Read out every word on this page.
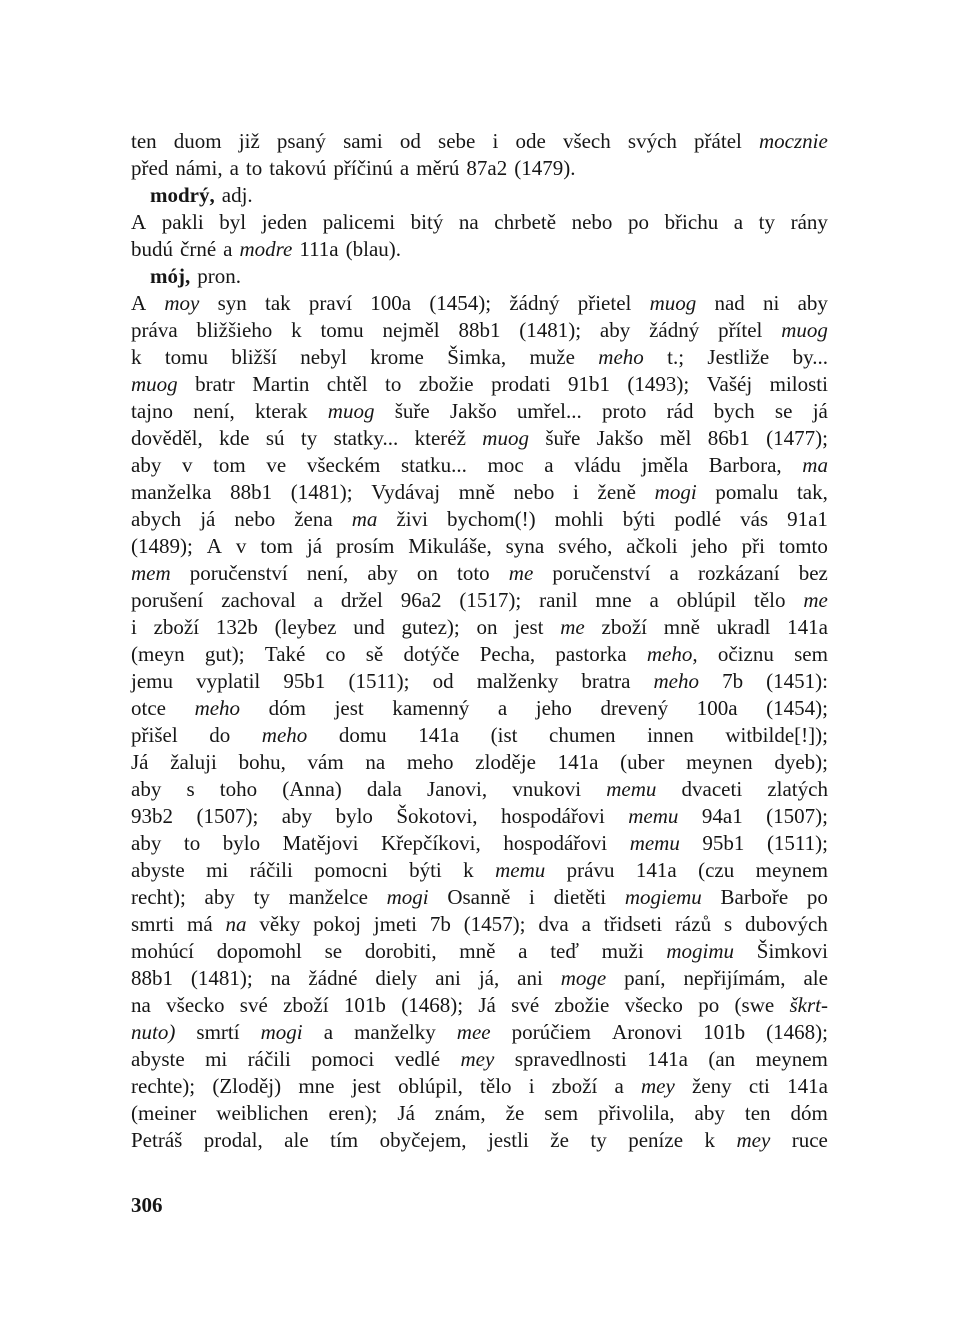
ten duom již psaný sami od sebe i ode všech svých přátel mocznie
před námi, a to takovú příčinú a měrú 87a2 (1479).
modrý, adj.
A pakli byl jeden palicemi bitý na chrbetě nebo po břichu a ty rány
budú črné a modre 111a (blau).
mój, pron.
A moy syn tak praví 100a (1454); žádný přietel muog nad ni aby
práva bližšieho k tomu nejměl 88b1 (1481); aby žádný přítel muog
k tomu bližší nebyl krome Šimka, muže meho t.; Jestliže by...
muog bratr Martin chtěl to zbožie prodati 91b1 (1493); Vašéj milosti
tajno není, kterak muog šuře Jakšo umřel... proto rád bych se já
dověděl, kde sú ty statky... kteréž muog šuře Jakšo měl 86b1 (1477);
aby v tom ve všeckém statku... moc a vládu jměla Barbora, ma
manželka 88b1 (1481); Vydávaj mně nebo i ženě mogi pomalu tak,
abych já nebo žena ma živi bychom(!) mohli býti podlé vás 91a1
(1489); A v tom já prosím Mikuláše, syna svého, ačkoli jeho při tomto
mem poručenství není, aby on toto me poručenství a rozkázaní bez
porušení zachoval a držel 96a2 (1517); ranil mne a oblúpil tělo me
i zboží 132b (leybez und gutez); on jest me zboží mně ukradl 141a
(meyn gut); Také co sě dotýče Pecha, pastorka meho, očiznu sem
jemu vyplatil 95b1 (1511); od malženky bratra meho 7b (1451):
otce meho dóm jest kamenný a jeho drevený 100a (1454);
přišel do meho domu 141a (ist chumen innen witbilde[!]);
Já žaluji bohu, vám na meho zloděje 141a (uber meynen dyeb);
aby s toho (Anna) dala Janovi, vnukovi memu dvaceti zlatých
93b2 (1507); aby bylo Šokotovi, hospodářovi memu 94a1 (1507);
aby to bylo Matějovi Křepčíkovi, hospodářovi memu 95b1 (1511);
abyste mi ráčili pomocni býti k memu právu 141a (czu meynem
recht); aby ty manželce mogi Osanně i dietěti mogiemu Barboře po
smrti má na věky pokoj jmeti 7b (1457); dva a třidseti rázů s dubových
mohúcí dopomohl se dorobiti, mně a teď muži mogimu Šimkovi
88b1 (1481); na žádné diely ani já, ani moge paní, nepřijímám, ale
na všecko své zboží 101b (1468); Já své zbožie všecko po (swe škrt-
nuto) smrtí mogi a manželky mee porúčiem Aronovi 101b (1468);
abyste mi ráčili pomoci vedlé mey spravedlnosti 141a (an meynem
rechte); (Zloděj) mne jest oblúpil, tělo i zboží a mey ženy cti 141a
(meiner weiblichen eren); Já znám, že sem přivolila, aby ten dóm
Petráš prodal, ale tím obyčejem, jestli že ty peníze k mey ruce
306
